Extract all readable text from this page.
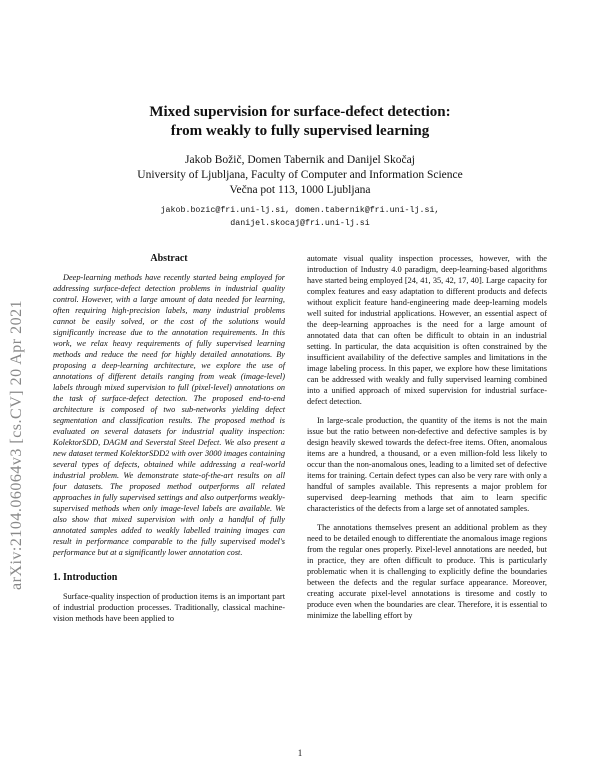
arXiv:2104.06064v3 [cs.CV] 20 Apr 2021
Mixed supervision for surface-defect detection:
from weakly to fully supervised learning
Jakob Božič, Domen Tabernik and Danijel Skočaj
University of Ljubljana, Faculty of Computer and Information Science
Večna pot 113, 1000 Ljubljana
jakob.bozic@fri.uni-lj.si, domen.tabernik@fri.uni-lj.si,
danijel.skocaj@fri.uni-lj.si
Abstract

Deep-learning methods have recently started being employed for addressing surface-defect detection problems in industrial quality control. However, with a large amount of data needed for learning, often requiring high-precision labels, many industrial problems cannot be easily solved, or the cost of the solutions would significantly increase due to the annotation requirements. In this work, we relax heavy requirements of fully supervised learning methods and reduce the need for highly detailed annotations. By proposing a deep-learning architecture, we explore the use of annotations of different details ranging from weak (image-level) labels through mixed supervision to full (pixel-level) annotations on the task of surface-defect detection. The proposed end-to-end architecture is composed of two sub-networks yielding defect segmentation and classification results. The proposed method is evaluated on several datasets for industrial quality inspection: KolektorSDD, DAGM and Severstal Steel Defect. We also present a new dataset termed KolektorSDD2 with over 3000 images containing several types of defects, obtained while addressing a real-world industrial problem. We demonstrate state-of-the-art results on all four datasets. The proposed method outperforms all related approaches in fully supervised settings and also outperforms weakly-supervised methods when only image-level labels are available. We also show that mixed supervision with only a handful of fully annotated samples added to weakly labelled training images can result in performance comparable to the fully supervised model's performance but at a significantly lower annotation cost.

1. Introduction

Surface-quality inspection of production items is an important part of industrial production processes. Traditionally, classical machine-vision methods have been applied to

automate visual quality inspection processes, however, with the introduction of Industry 4.0 paradigm, deep-learning-based algorithms have started being employed [24, 41, 35, 42, 17, 40]. Large capacity for complex features and easy adaptation to different products and defects without explicit feature hand-engineering made deep-learning models well suited for industrial applications. However, an essential aspect of the deep-learning approaches is the need for a large amount of annotated data that can often be difficult to obtain in an industrial setting. In particular, the data acquisition is often constrained by the insufficient availability of the defective samples and limitations in the image labeling process. In this paper, we explore how these limitations can be addressed with weakly and fully supervised learning combined into a unified approach of mixed supervision for industrial surface-defect detection.

In large-scale production, the quantity of the items is not the main issue but the ratio between non-defective and defective samples is by design heavily skewed towards the defect-free items. Often, anomalous items are a hundred, a thousand, or a even million-fold less likely to occur than the non-anomalous ones, leading to a limited set of defective items for training. Certain defect types can also be very rare with only a handful of samples available. This represents a major problem for supervised deep-learning methods that aim to learn specific characteristics of the defects from a large set of annotated samples.

The annotations themselves present an additional problem as they need to be detailed enough to differentiate the anomalous image regions from the regular ones properly. Pixel-level annotations are needed, but in practice, they are often difficult to produce. This is particularly problematic when it is challenging to explicitly define the boundaries between the defects and the regular surface appearance. Moreover, creating accurate pixel-level annotations is tiresome and costly to produce even when the boundaries are clear. Therefore, it is essential to minimize the labelling effort by

1
